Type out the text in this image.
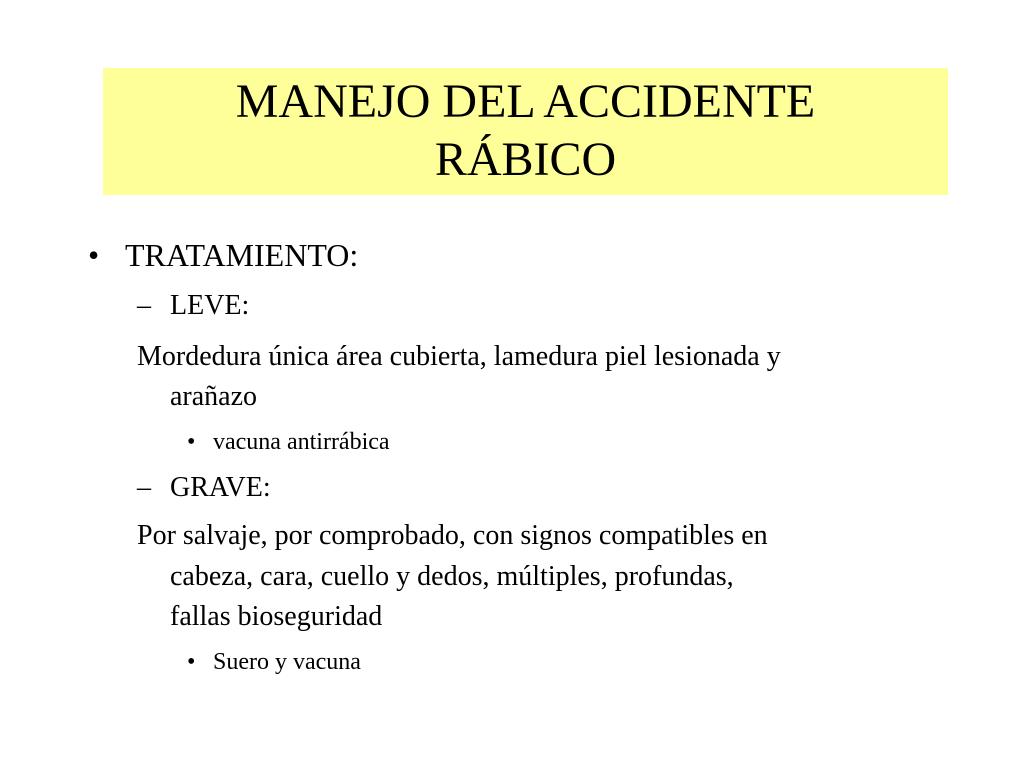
MANEJO DEL ACCIDENTE
RÁBICO
• TRATAMIENTO:
– LEVE:
Mordedura única área cubierta, lamedura piel lesionada y
arañazo
• vacuna antirrábica
– GRAVE:
Por salvaje, por comprobado, con signos compatibles en
cabeza, cara, cuello y dedos, múltiples, profundas,
fallas bioseguridad
• Suero y vacuna
